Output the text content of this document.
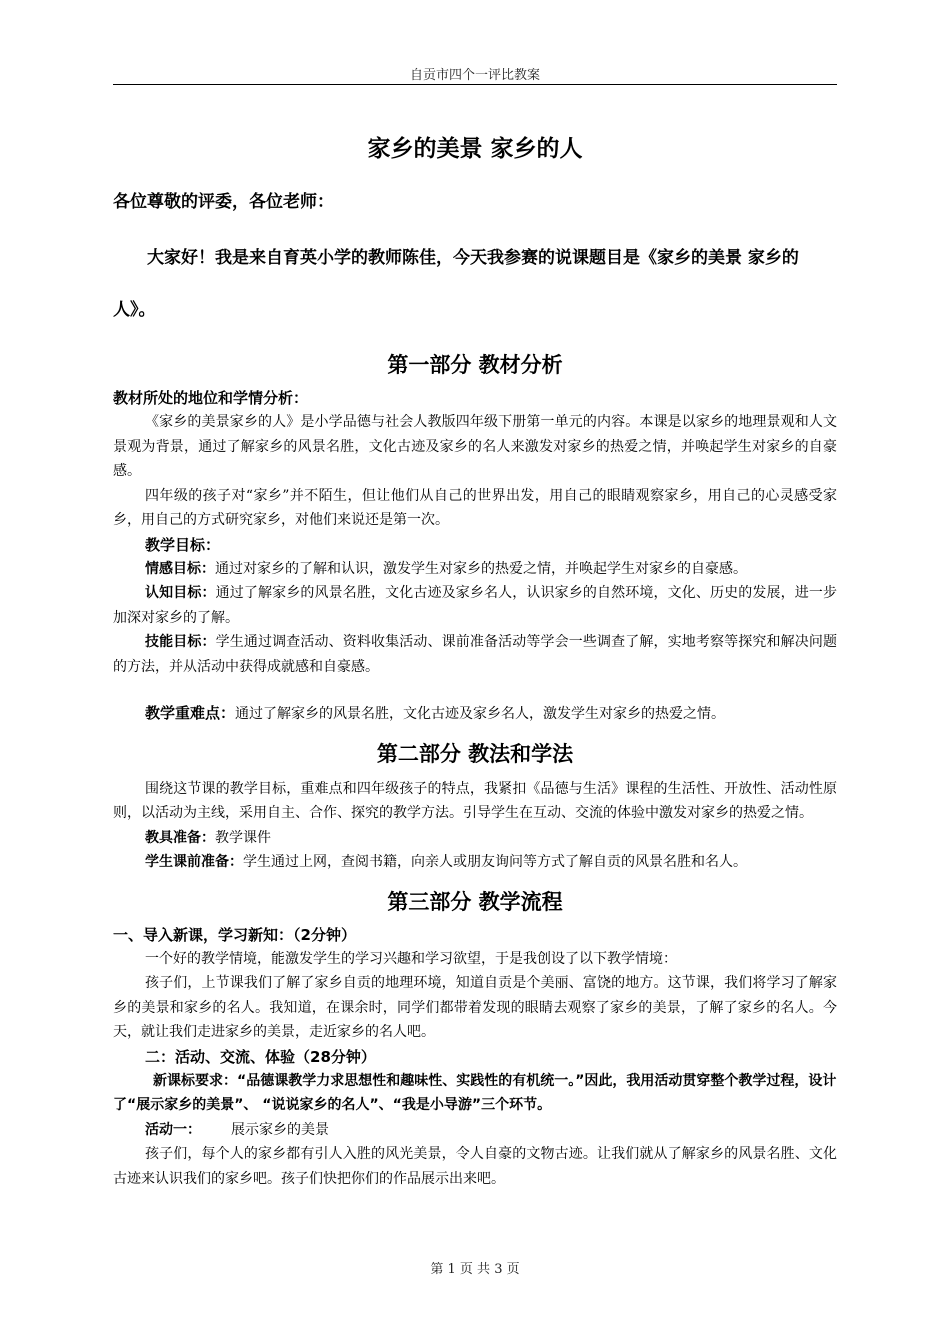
自贡市四个一评比教案
家乡的美景 家乡的人
各位尊敬的评委，各位老师：
大家好！我是来自育英小学的教师陈佳，今天我参赛的说课题目是《家乡的美景 家乡的人》。
第一部分 教材分析
教材所处的地位和学情分析：

《家乡的美景家乡的人》是小学品德与社会人教版四年级下册第一单元的内容。本课是以家乡的地理景观和人文景观为背景，通过了解家乡的风景名胜，文化古迹及家乡的名人来激发对家乡的热爱之情，并唤起学生对家乡的自豪感。

四年级的孩子对“家乡”并不陌生，但让他们从自己的世界出发，用自己的眼睛观察家乡，用自己的心灵感受家乡，用自己的方式研究家乡，对他们来说还是第一次。

教学目标：

情感目标：通过对家乡的了解和认识，激发学生对家乡的热爱之情，并唤起学生对家乡的自豪感。

认知目标：通过了解家乡的风景名胜，文化古迹及家乡名人，认识家乡的自然环境，文化、历史的发展，进一步加深对家乡的了解。

技能目标：学生通过调查活动、资料收集活动、课前准备活动等学会一些调查了解，实地考察等探究和解决问题的方法，并从活动中获得成就感和自豪感。

教学重难点：通过了解家乡的风景名胜，文化古迹及家乡名人，激发学生对家乡的热爱之情。

第二部分 教法和学法

围绕这节课的教学目标，重难点和四年级孩子的特点，我紧扣《品德与生活》课程的生活性、开放性、活动性原则，以活动为主线，采用自主、合作、探究的教学方法。引导学生在互动、交流的体验中激发对家乡的热爱之情。

教具准备：教学课件

学生课前准备：学生通过上网，查阅书籍，向亲人或朋友询问等方式了解自贡的风景名胜和名人。

第三部分 教学流程
一、导入新课，学习新知：（2分钟）

一个好的教学情境，能激发学生的学习兴趣和学习欲望，于是我创设了以下教学情境：

孩子们，上节课我们了解了家乡自贡的地理环境，知道自贡是个美丽、富饶的地方。这节课，我们将学习了解家乡的美景和家乡的名人。我知道，在课余时，同学们都带着发现的眼睛去观察了家乡的美景，了解了家乡的名人。今天，就让我们走进家乡的美景，走近家乡的名人吧。

二：活动、交流、体验（28分钟）

新课标要求：“品德课教学力求思想性和趣味性、实践性的有机统一。”因此，我用活动贯穿整个教学过程，设计了“展示家乡的美景”、 “说说家乡的名人”、“我是小导游”三个环节。

活动一： 展示家乡的美景

孩子们，每个人的家乡都有引人入胜的风光美景，令人自豪的文物古迹。让我们就从了解家乡的风景名胜、文化古迹来认识我们的家乡吧。孩子们快把你们的作品展示出来吧。

第 1 页 共 3 页
